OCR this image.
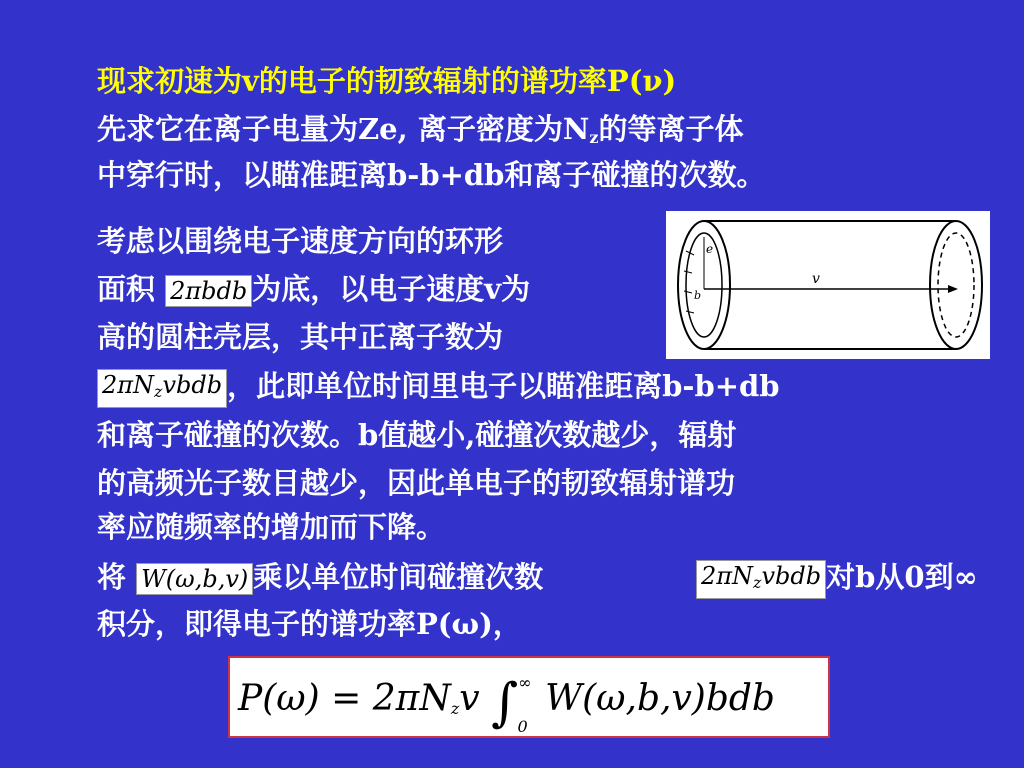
现求初速为v的电子的韧致辐射的谱功率P(ν)
先求它在离子电量为Ze, 离子密度为$N_z$的等离子体
中穿行时，以瞄准距离b-b+db和离子碰撞的次数。
考虑以围绕电子速度方向的环形
面积 2πbdb 为底，以电子速度v为
高的圆柱壳层，其中正离子数为
$2\pi N_zvbdb$ ，此即单位时间里电子以瞄准距离b-b+db
和离子碰撞的次数。b值越小,碰撞次数越少，辐射
的高频光子数目越少，因此单电子的韧致辐射谱功
率应随频率的增加而下降。
将 W(ω,b,v) 乘以单位时间碰撞次数	$2\pi N_zvbdb$ 对b从0到∞
积分，即得电子的谱功率P(ω)，
v
e
b
$P(\omega) = 2\pi N_zv$ $\int^\infty_0$ W(ω,b,v)bdb
